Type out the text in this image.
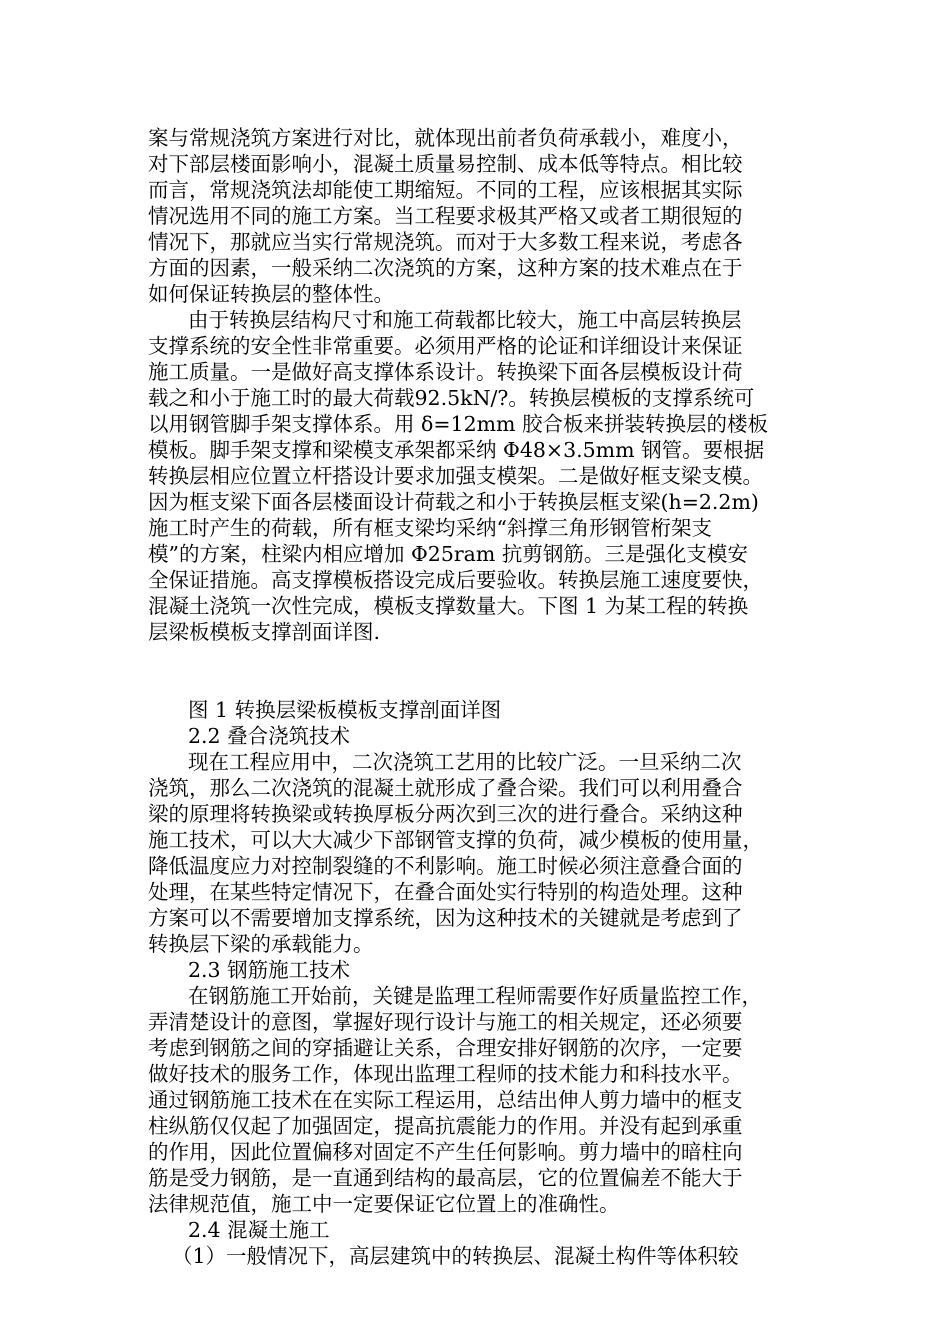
案与常规浇筑方案进行对比，就体现出前者负荷承载小，难度小，
对下部层楼面影响小，混凝土质量易控制、成本低等特点。相比较
而言，常规浇筑法却能使工期缩短。不同的工程，应该根据其实际
情况选用不同的施工方案。当工程要求极其严格又或者工期很短的
情况下，那就应当实行常规浇筑。而对于大多数工程来说，考虑各
方面的因素，一般采纳二次浇筑的方案，这种方案的技术难点在于
如何保证转换层的整体性。
由于转换层结构尺寸和施工荷载都比较大，施工中高层转换层
支撑系统的安全性非常重要。必须用严格的论证和详细设计来保证
施工质量。一是做好高支撑体系设计。转换梁下面各层模板设计荷
载之和小于施工时的最大荷载92.5kN/?。转换层模板的支撑系统可
以用钢管脚手架支撑体系。用 δ=12mm 胶合板来拼装转换层的楼板
模板。脚手架支撑和梁模支承架都采纳 Φ48×3.5mm 钢管。要根据
转换层相应位置立杆搭设计要求加强支模架。二是做好框支梁支模。
因为框支梁下面各层楼面设计荷载之和小于转换层框支梁(h=2.2m)
施工时产生的荷载，所有框支梁均采纳“斜撑三角形钢管桁架支
模”的方案，柱梁内相应增加 Φ25ram 抗剪钢筋。三是强化支模安
全保证措施。高支撑模板搭设完成后要验收。转换层施工速度要快，
混凝土浇筑一次性完成，模板支撑数量大。下图 1 为某工程的转换
层梁板模板支撑剖面详图.
图 1 转换层梁板模板支撑剖面详图
2.2 叠合浇筑技术
现在工程应用中，二次浇筑工艺用的比较广泛。一旦采纳二次
浇筑，那么二次浇筑的混凝土就形成了叠合梁。我们可以利用叠合
梁的原理将转换梁或转换厚板分两次到三次的进行叠合。采纳这种
施工技术，可以大大减少下部钢管支撑的负荷，减少模板的使用量，
降低温度应力对控制裂缝的不利影响。施工时候必须注意叠合面的
处理，在某些特定情况下，在叠合面处实行特别的构造处理。这种
方案可以不需要增加支撑系统，因为这种技术的关键就是考虑到了
转换层下梁的承载能力。
2.3 钢筋施工技术
在钢筋施工开始前，关键是监理工程师需要作好质量监控工作，
弄清楚设计的意图，掌握好现行设计与施工的相关规定，还必须要
考虑到钢筋之间的穿插避让关系，合理安排好钢筋的次序，一定要
做好技术的服务工作，体现出监理工程师的技术能力和科技水平。
通过钢筋施工技术在在实际工程运用，总结出伸人剪力墙中的框支
柱纵筋仅仅起了加强固定，提高抗震能力的作用。并没有起到承重
的作用，因此位置偏移对固定不产生任何影响。剪力墙中的暗柱向
筋是受力钢筋，是一直通到结构的最高层，它的位置偏差不能大于
法律规范值，施工中一定要保证它位置上的准确性。
2.4 混凝土施工
（1）一般情况下，高层建筑中的转换层、混凝土构件等体积较
